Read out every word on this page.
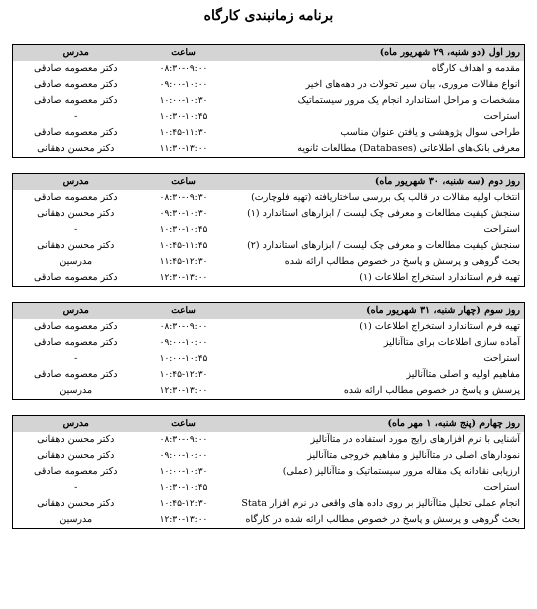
برنامه زمانبندی کارگاه
مدرس	ساعت	روز اول (دو شنبه، ۲۹ شهریور ماه)
دکتر معصومه صادقی	۰۸:۳۰-۰۹:۰۰	مقدمه و اهداف کارگاه
دکتر معصومه صادقی	۰۹:۰۰-۱۰:۰۰	انواع مقالات مروری، بیان سیر تحولات در دهه‌های اخیر
دکتر معصومه صادقی	۱۰:۰۰-۱۰:۳۰	مشخصات و مراحل استاندارد انجام یک مرور سیستماتیک
-	۱۰:۳۰-۱۰:۴۵	استراحت
دکتر معصومه صادقی	۱۰:۴۵-۱۱:۳۰	طراحی سوال پژوهشی و یافتن عنوان مناسب
دکتر محسن دهقانی	۱۱:۳۰-۱۳:۰۰	معرفی بانک‌های اطلاعاتی (Databases) مطالعات ثانویه

مدرس	ساعت	روز دوم (سه شنبه، ۳۰ شهریور ماه)
دکتر معصومه صادقی	۰۸:۳۰-۰۹:۳۰	انتخاب اولیه مقالات در قالب یک بررسی ساختاریافته (تهیه فلوچارت)
دکتر محسن دهقانی	۰۹:۳۰-۱۰:۳۰	سنجش کیفیت مطالعات و معرفی چک لیست / ابزارهای استاندارد (۱)
-	۱۰:۳۰-۱۰:۴۵	استراحت
دکتر محسن دهقانی	۱۰:۴۵-۱۱:۴۵	سنجش کیفیت مطالعات و معرفی چک لیست / ابزارهای استاندارد (۲)
مدرسین	۱۱:۴۵-۱۲:۳۰	بحث گروهی و پرسش و پاسخ در خصوص مطالب ارائه شده
دکتر معصومه صادقی	۱۲:۳۰-۱۳:۰۰	تهیه فرم استاندارد استخراج اطلاعات (۱)

مدرس	ساعت	روز سوم (چهار شنبه، ۳۱ شهریور ماه)
دکتر معصومه صادقی	۰۸:۳۰-۰۹:۰۰	تهیه فرم استاندارد استخراج اطلاعات (۱)
دکتر معصومه صادقی	۰۹:۰۰-۱۰:۰۰	آماده سازی اطلاعات برای متاآنالیز
-	۱۰:۰۰-۱۰:۴۵	استراحت
دکتر معصومه صادقی	۱۰:۴۵-۱۲:۳۰	مفاهیم اولیه و اصلی متاآنالیز
مدرسین	۱۲:۳۰-۱۳:۰۰	پرسش و پاسخ در خصوص مطالب ارائه شده

مدرس	ساعت	روز چهارم (پنج شنبه، ۱ مهر ماه)
دکتر محسن دهقانی	۰۸:۳۰-۰۹:۰۰	آشنایی با نرم افزارهای رایج مورد استفاده در متاآنالیز
دکتر محسن دهقانی	۰۹:۰۰-۱۰:۰۰	نمودارهای اصلی در متاآنالیز و مفاهیم خروجی متاآنالیز
دکتر معصومه صادقی	۱۰:۰۰-۱۰:۳۰	ارزیابی نقادانه یک مقاله مرور سیستماتیک و متاآنالیز (عملی)
-	۱۰:۳۰-۱۰:۴۵	استراحت
دکتر محسن دهقانی	۱۰:۴۵-۱۲:۳۰	انجام عملی تحلیل متاآنالیز بر روی داده های واقعی در نرم افزار Stata
مدرسین	۱۲:۳۰-۱۳:۰۰	بحث گروهی و پرسش و پاسخ در خصوص مطالب ارائه شده در کارگاه
